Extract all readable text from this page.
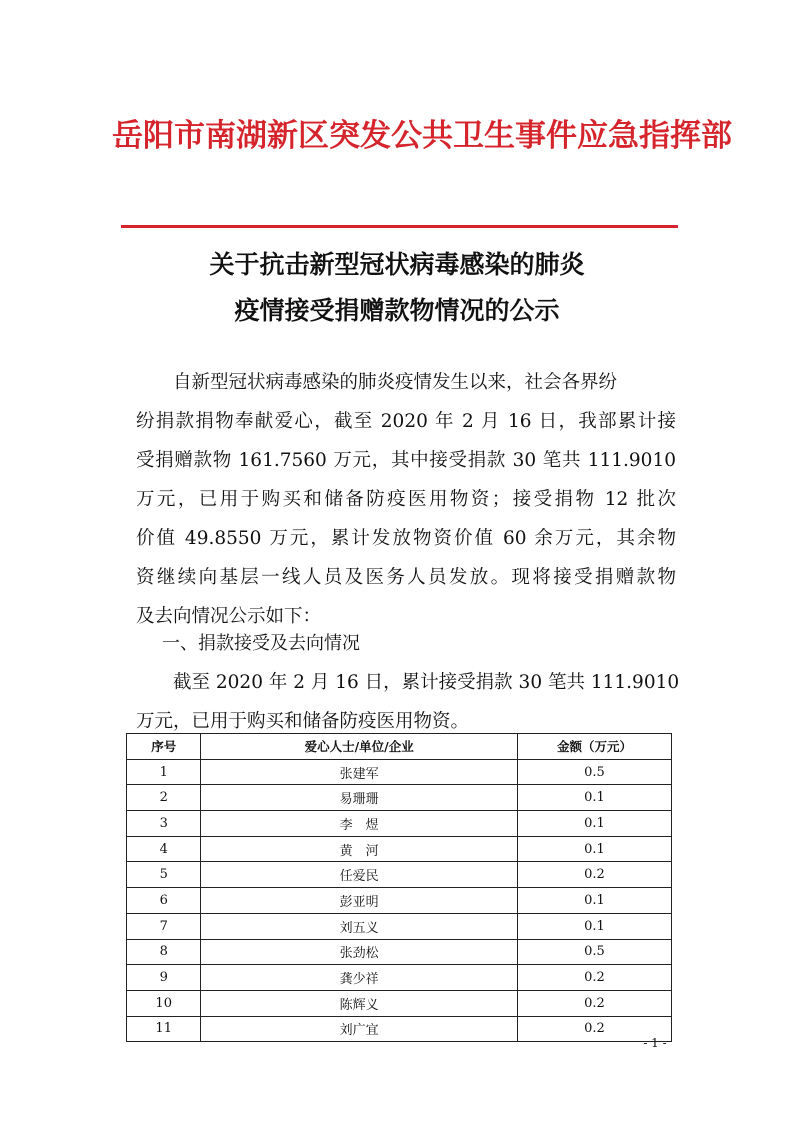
岳阳市南湖新区突发公共卫生事件应急指挥部
关于抗击新型冠状病毒感染的肺炎
疫情接受捐赠款物情况的公示
自新型冠状病毒感染的肺炎疫情发生以来，社会各界纷
纷捐款捐物奉献爱心，截至 2020 年 2 月 16 日，我部累计接
受捐赠款物 161.7560 万元，其中接受捐款 30 笔共 111.9010
万元，已用于购买和储备防疫医用物资；接受捐物 12 批次
价值 49.8550 万元，累计发放物资价值 60 余万元，其余物
资继续向基层一线人员及医务人员发放。现将接受捐赠款物
及去向情况公示如下：
一、捐款接受及去向情况
截至 2020 年 2 月 16 日，累计接受捐款 30 笔共 111.9010
万元，已用于购买和储备防疫医用物资。
序号	爱心人士/单位/企业	金额（万元）
1	张建军	0.5
2	易珊珊	0.1
3	李　煜	0.1
4	黄　河	0.1
5	任爱民	0.2
6	彭亚明	0.1
7	刘五义	0.1
8	张劲松	0.5
9	龚少祥	0.2
10	陈辉义	0.2
11	刘广宜	0.2
- 1 -
